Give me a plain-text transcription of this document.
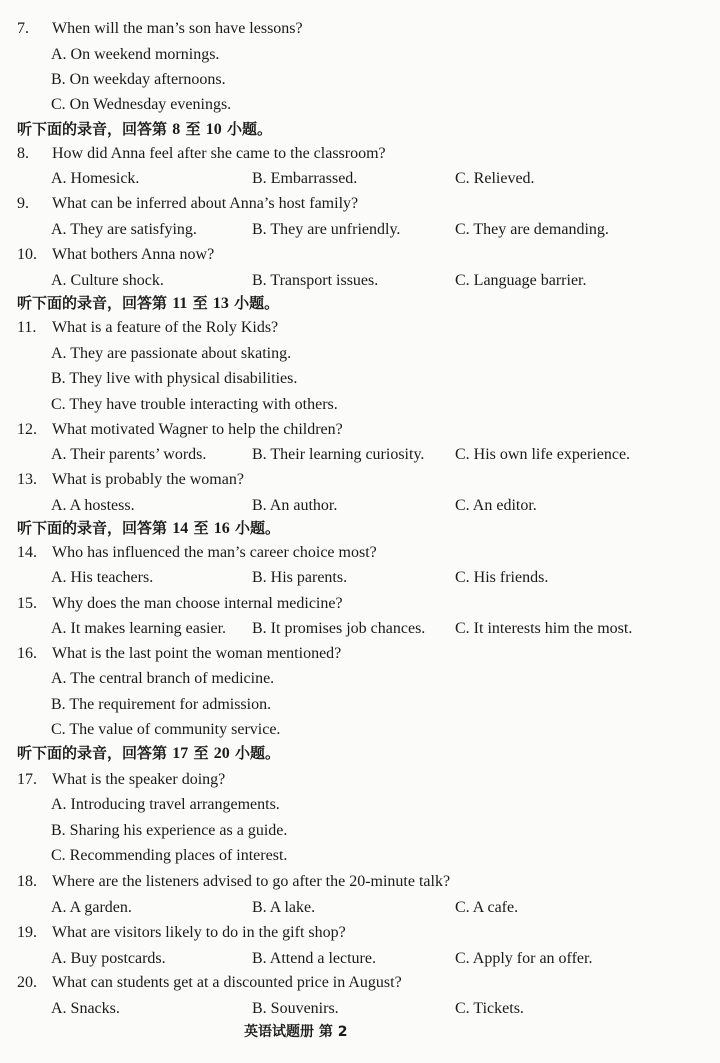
7. When will the man’s son have lessons?
A. On weekend mornings.
B. On weekday afternoons.
C. On Wednesday evenings.
听下面的录音，回答第 8 至 10 小题。
8. How did Anna feel after she came to the classroom?
A. Homesick.	B. Embarrassed.	C. Relieved.
9. What can be inferred about Anna’s host family?
A. They are satisfying.	B. They are unfriendly.	C. They are demanding.
10. What bothers Anna now?
A. Culture shock.	B. Transport issues.	C. Language barrier.
听下面的录音，回答第 11 至 13 小题。
11. What is a feature of the Roly Kids?
A. They are passionate about skating.
B. They live with physical disabilities.
C. They have trouble interacting with others.
12. What motivated Wagner to help the children?
A. Their parents’ words.	B. Their learning curiosity. C. His own life experience.
13. What is probably the woman?
A. A hostess.	B. An author.	C. An editor.
听下面的录音，回答第 14 至 16 小题。
14. Who has influenced the man’s career choice most?
A. His teachers.	B. His parents.	C. His friends.
15. Why does the man choose internal medicine?
A. It makes learning easier. B. It promises job chances. C. It interests him the most.
16. What is the last point the woman mentioned?
A. The central branch of medicine.
B. The requirement for admission.
C. The value of community service.
听下面的录音，回答第 17 至 20 小题。
17. What is the speaker doing?
A. Introducing travel arrangements.
B. Sharing his experience as a guide.
C. Recommending places of interest.
18. Where are the listeners advised to go after the 20-minute talk?
A. A garden.	B. A lake.	C. A cafe.
19. What are visitors likely to do in the gift shop?
A. Buy postcards.	B. Attend a lecture.	C. Apply for an offer.
20. What can students get at a discounted price in August?
A. Snacks.	B. Souvenirs.	C. Tickets.
英语试题册 第 2
